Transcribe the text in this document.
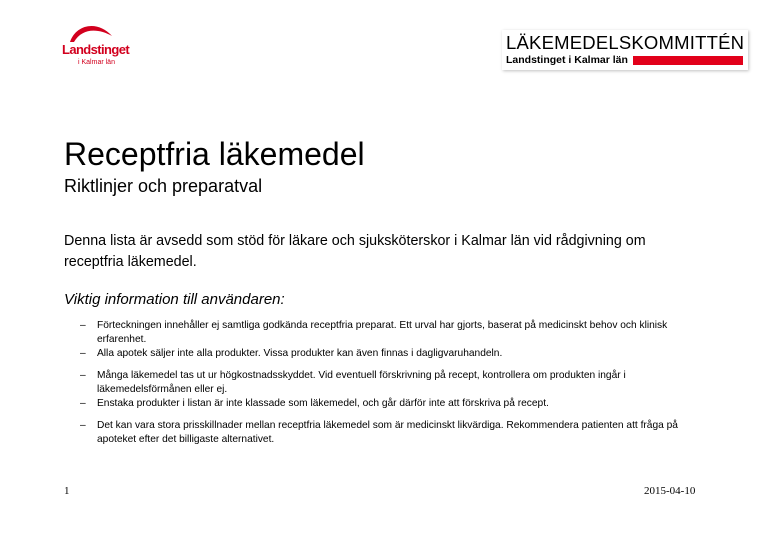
Landstinget
i Kalmar län
LÄKEMEDELSKOMMITTÉN
Landstinget i Kalmar län
Receptfria läkemedel
Riktlinjer och preparatval
Denna lista är avsedd som stöd för läkare och sjuksköterskor i Kalmar län vid rådgivning om receptfria läkemedel.
Viktig information till användaren:
– Förteckningen innehåller ej samtliga godkända receptfria preparat. Ett urval har gjorts, baserat på medicinskt behov och klinisk erfarenhet.
– Alla apotek säljer inte alla produkter. Vissa produkter kan även finnas i dagligvaruhandeln.
– Många läkemedel tas ut ur högkostnadsskyddet. Vid eventuell förskrivning på recept, kontrollera om produkten ingår i läkemedelsförmånen eller ej.
– Enstaka produkter i listan är inte klassade som läkemedel, och går därför inte att förskriva på recept.
– Det kan vara stora prisskillnader mellan receptfria läkemedel som är medicinskt likvärdiga. Rekommendera patienten att fråga på apoteket efter det billigaste alternativet.
1	2015-04-10
